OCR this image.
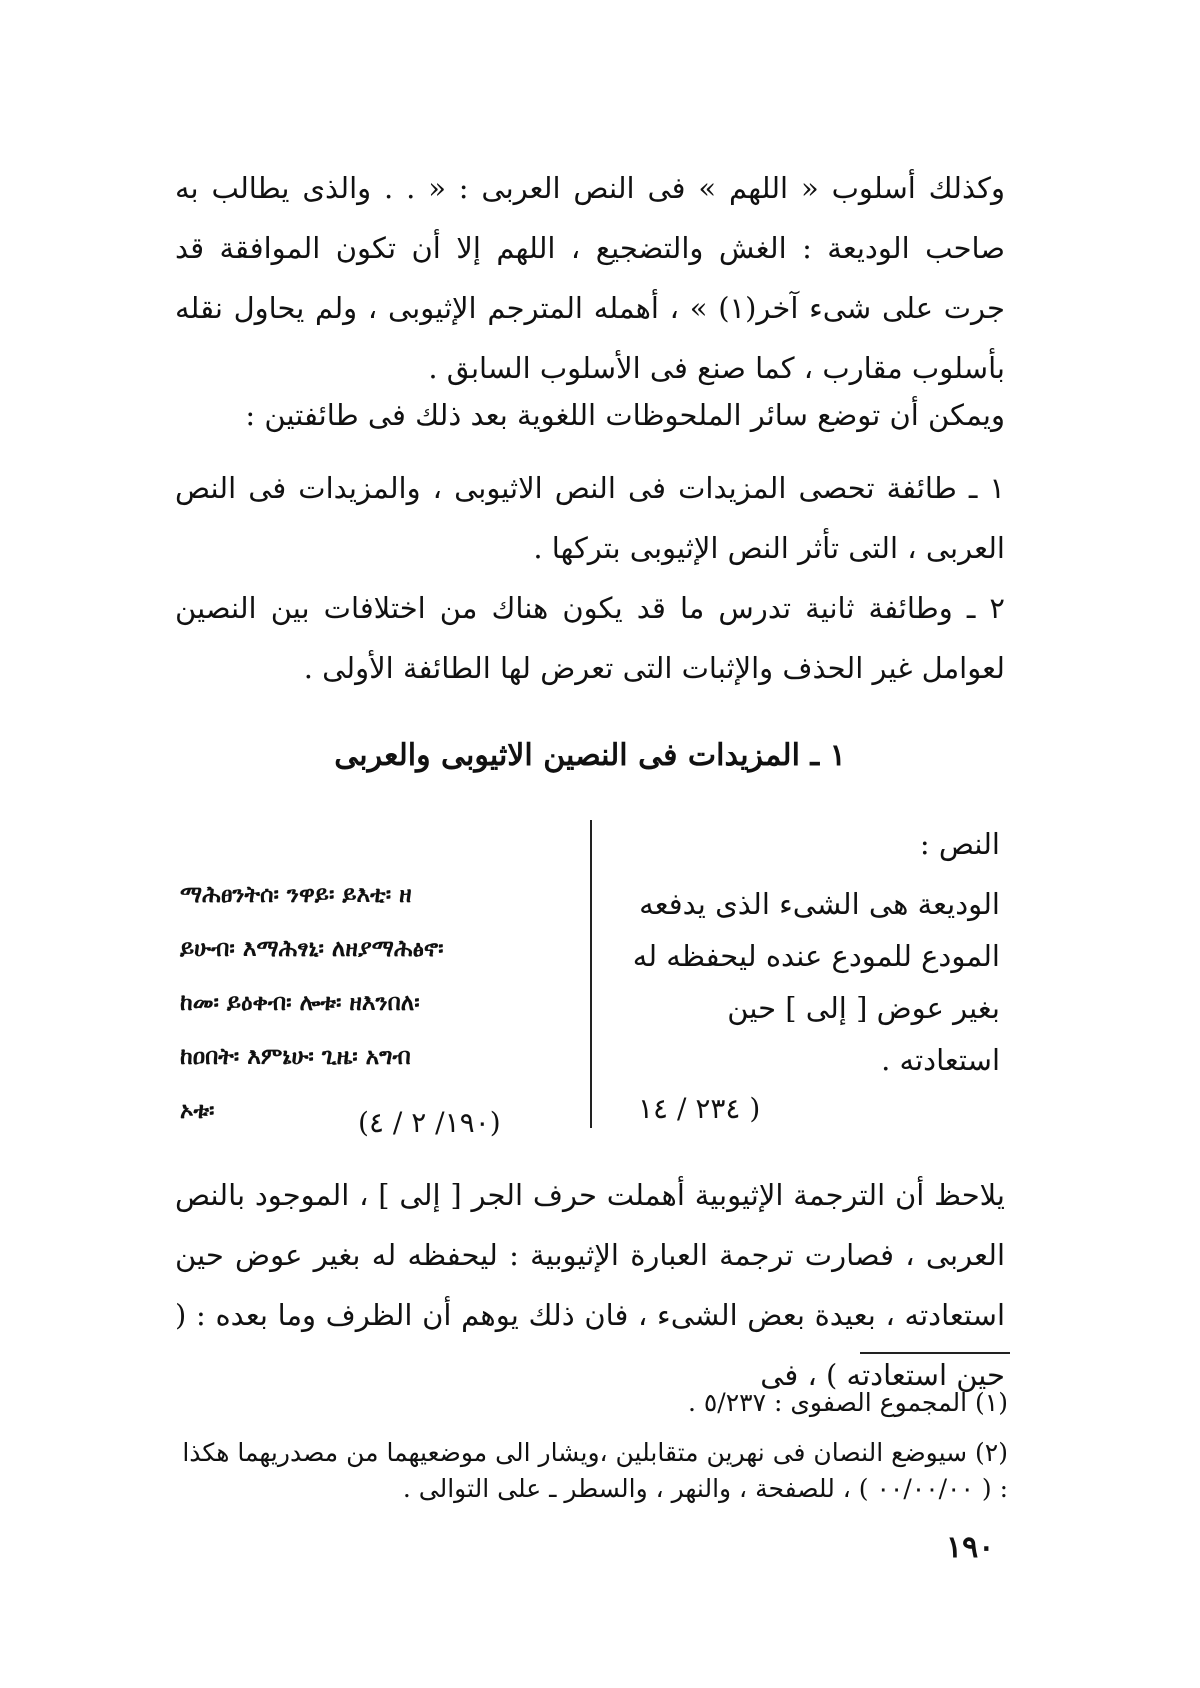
وكذلك أسلوب « اللهم » فى النص العربى : « . . والذى يطالب به صاحب الوديعة : الغش والتضجيع ، اللهم إلا أن تكون الموافقة قد جرت على شىء آخر(١) » ، أهمله المترجم الإثيوبى ، ولم يحاول نقله بأسلوب مقارب ، كما صنع فى الأسلوب السابق .
ويمكن أن توضع سائر الملحوظات اللغوية بعد ذلك فى طائفتين :
١ ـ طائفة تحصى المزيدات فى النص الاثيوبى ، والمزيدات فى النص العربى ، التى تأثر النص الإثيوبى بتركها .
٢ ـ وطائفة ثانية تدرس ما قد يكون هناك من اختلافات بين النصين لعوامل غير الحذف والإثبات التى تعرض لها الطائفة الأولى .
١ ـ المزيدات فى النصين الاثيوبى والعربى
النص :
الوديعة هى الشىء الذى يدفعه المودع للمودع عنده ليحفظه له بغير عوض [ إلى ] حين استعادته .
( ٢٣٤ / ١٤
ማሕፀንትሰ፡ ንዋይ፡ ይእቲ፡ ዘ
ይሁብ፡ እማሕፃኒ፡ ለዘያማሕፅኖ፡
ከመ፡ ይዕቀብ፡ ሎቱ፡ ዘእንበለ፡
ከዐበት፡ እምኔሁ፡ ጊዜ፡ አግብ
ኦቱ፡	(١٩٠/ ٢ / ٤)
يلاحظ أن الترجمة الإثيوبية أهملت حرف الجر [ إلى ] ، الموجود بالنص العربى ، فصارت ترجمة العبارة الإثيوبية : ليحفظه له بغير عوض حين استعادته ، بعيدة بعض الشىء ، فان ذلك يوهم أن الظرف وما بعده : ( حين استعادته ) ، فى
(١) المجموع الصفوى : ٥/٢٣٧ .
(٢) سيوضع النصان فى نهرين متقابلين ،ويشار الى موضعيهما من مصدريهما هكذا : ( ٠٠/٠٠/٠٠ ) ، للصفحة ، والنهر ، والسطر ـ على التوالى .
١٩٠
